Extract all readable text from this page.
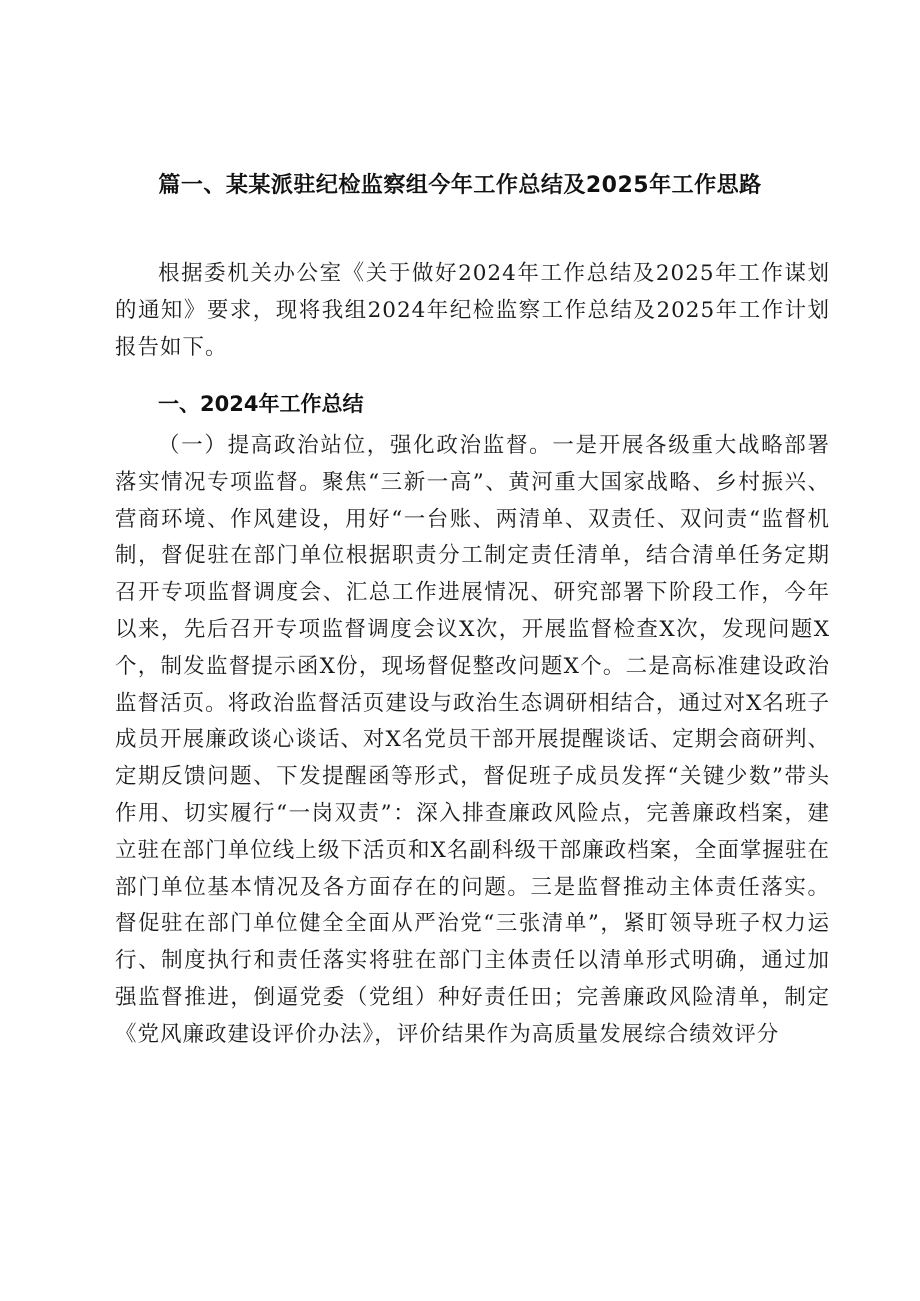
篇一、某某派驻纪检监察组今年工作总结及2025年工作思路

根据委机关办公室《关于做好2024年工作总结及2025年工作谋划的通知》要求，现将我组2024年纪检监察工作总结及2025年工作计划报告如下。

一、2024年工作总结

（一）提高政治站位，强化政治监督。一是开展各级重大战略部署落实情况专项监督。聚焦“三新一高”、黄河重大国家战略、乡村振兴、营商环境、作风建设，用好“一台账、两清单、双责任、双问责“监督机制，督促驻在部门单位根据职责分工制定责任清单，结合清单任务定期召开专项监督调度会、汇总工作进展情况、研究部署下阶段工作，今年以来，先后召开专项监督调度会议X次，开展监督检查X次，发现问题X个，制发监督提示函X份，现场督促整改问题X个。二是高标准建设政治监督活页。将政治监督活页建设与政治生态调研相结合，通过对X名班子成员开展廉政谈心谈话、对X名党员干部开展提醒谈话、定期会商研判、定期反馈问题、下发提醒函等形式，督促班子成员发挥“关键少数”带头作用、切实履行“一岗双责”：深入排查廉政风险点，完善廉政档案，建立驻在部门单位线上级下活页和X名副科级干部廉政档案，全面掌握驻在部门单位基本情况及各方面存在的问题。三是监督推动主体责任落实。督促驻在部门单位健全全面从严治党“三张清单”，紧盯领导班子权力运行、制度执行和责任落实将驻在部门主体责任以清单形式明确，通过加强监督推进，倒逼党委（党组）种好责任田；完善廉政风险清单，制定《党风廉政建设评价办法》，评价结果作为高质量发展综合绩效评分
